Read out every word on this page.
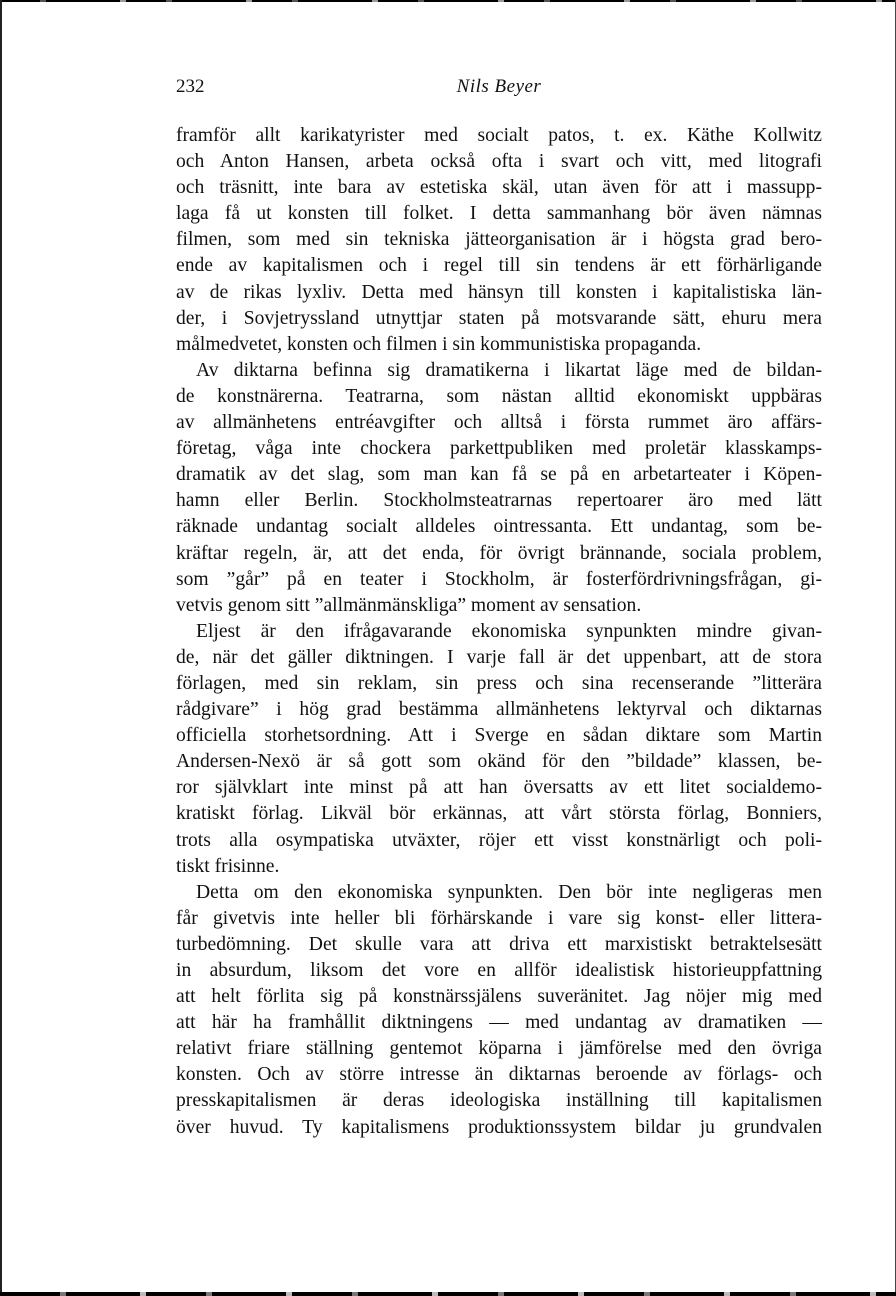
232	Nils Beyer
framför allt karikatyrister med socialt patos, t. ex. Käthe Kollwitz
och Anton Hansen, arbeta också ofta i svart och vitt, med litografi
och träsnitt, inte bara av estetiska skäl, utan även för att i massupp-
laga få ut konsten till folket. I detta sammanhang bör även nämnas
filmen, som med sin tekniska jätteorganisation är i högsta grad bero-
ende av kapitalismen och i regel till sin tendens är ett förhärligande
av de rikas lyxliv. Detta med hänsyn till konsten i kapitalistiska län-
der, i Sovjetryssland utnyttjar staten på motsvarande sätt, ehuru mera
målmedvetet, konsten och filmen i sin kommunistiska propaganda.
Av diktarna befinna sig dramatikerna i likartat läge med de bildan-
de konstnärerna. Teatrarna, som nästan alltid ekonomiskt uppbäras
av allmänhetens entréavgifter och alltså i första rummet äro affärs-
företag, våga inte chockera parkettpubliken med proletär klasskamps-
dramatik av det slag, som man kan få se på en arbetarteater i Köpen-
hamn eller Berlin. Stockholmsteatrarnas repertoarer äro med lätt
räknade undantag socialt alldeles ointressanta. Ett undantag, som be-
kräftar regeln, är, att det enda, för övrigt brännande, sociala problem,
som ”går” på en teater i Stockholm, är fosterfördrivningsfrågan, gi-
vetvis genom sitt ”allmänmänskliga” moment av sensation.
Eljest är den ifrågavarande ekonomiska synpunkten mindre givan-
de, när det gäller diktningen. I varje fall är det uppenbart, att de stora
förlagen, med sin reklam, sin press och sina recenserande ”litterära
rådgivare” i hög grad bestämma allmänhetens lektyrval och diktarnas
officiella storhetsordning. Att i Sverge en sådan diktare som Martin
Andersen-Nexö är så gott som okänd för den ”bildade” klassen, be-
ror självklart inte minst på att han översatts av ett litet socialdemo-
kratiskt förlag. Likväl bör erkännas, att vårt största förlag, Bonniers,
trots alla osympatiska utväxter, röjer ett visst konstnärligt och poli-
tiskt frisinne.
Detta om den ekonomiska synpunkten. Den bör inte negligeras men
får givetvis inte heller bli förhärskande i vare sig konst- eller littera-
turbedömning. Det skulle vara att driva ett marxistiskt betraktelsesätt
in absurdum, liksom det vore en allför idealistisk historieuppfattning
att helt förlita sig på konstnärssjälens suveränitet. Jag nöjer mig med
att här ha framhållit diktningens — med undantag av dramatiken —
relativt friare ställning gentemot köparna i jämförelse med den övriga
konsten. Och av större intresse än diktarnas beroende av förlags- och
presskapitalismen är deras ideologiska inställning till kapitalismen
över huvud. Ty kapitalismens produktionssystem bildar ju grundvalen
